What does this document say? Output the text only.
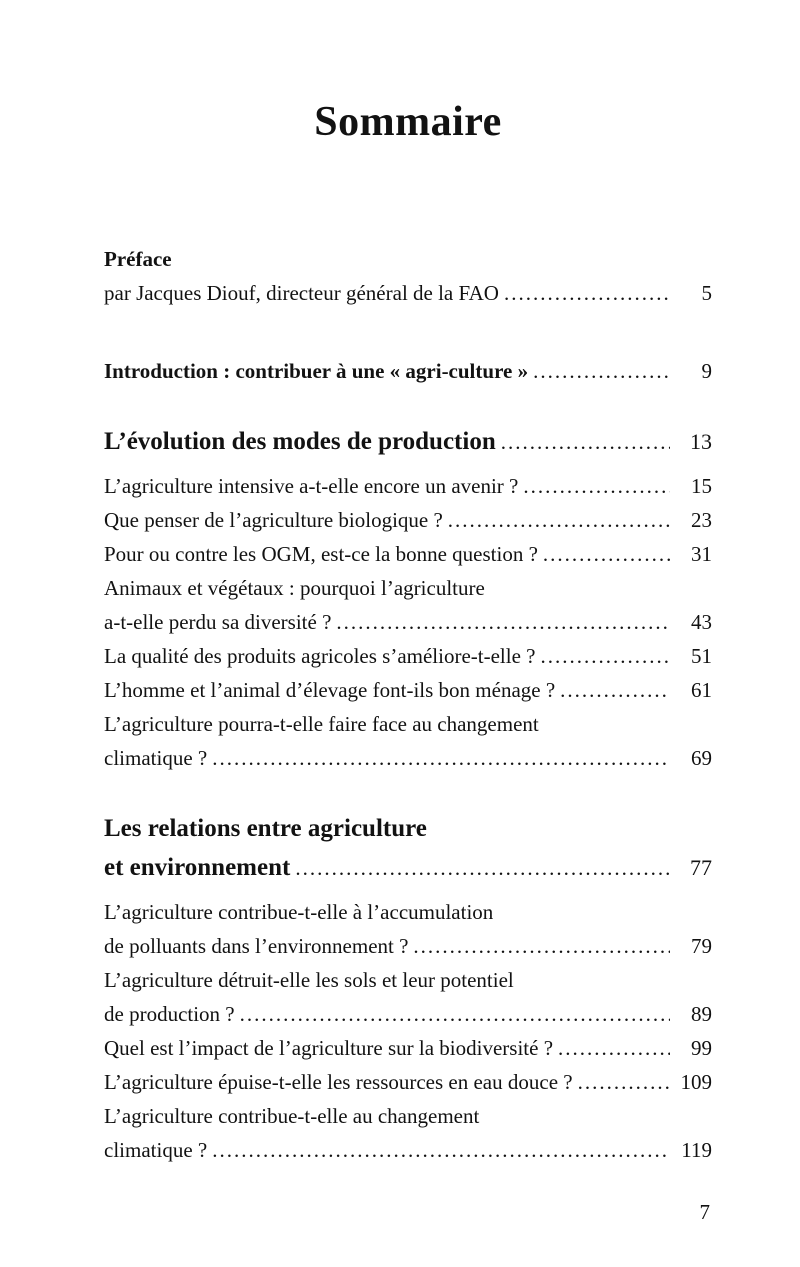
Sommaire
Préface
par Jacques Diouf, directeur général de la FAO .....	5
Introduction : contribuer à une « agri-culture » .....	9
L’évolution des modes de production .....	13
L’agriculture intensive a-t-elle encore un avenir ? .....	15
Que penser de l’agriculture biologique ? .....	23
Pour ou contre les OGM, est-ce la bonne question ? .....	31
Animaux et végétaux : pourquoi l’agriculture
a-t-elle perdu sa diversité ? .....	43
La qualité des produits agricoles s’améliore-t-elle ? .....	51
L’homme et l’animal d’élevage font-ils bon ménage ? .....	61
L’agriculture pourra-t-elle faire face au changement
climatique ? .....	69
Les relations entre agriculture
et environnement .....	77
L’agriculture contribue-t-elle à l’accumulation
de polluants dans l’environnement ? .....	79
L’agriculture détruit-elle les sols et leur potentiel
de production ? .....	89
Quel est l’impact de l’agriculture sur la biodiversité ? .....	99
L’agriculture épuise-t-elle les ressources en eau douce ? .....	109
L’agriculture contribue-t-elle au changement
climatique ? .....	119
7
